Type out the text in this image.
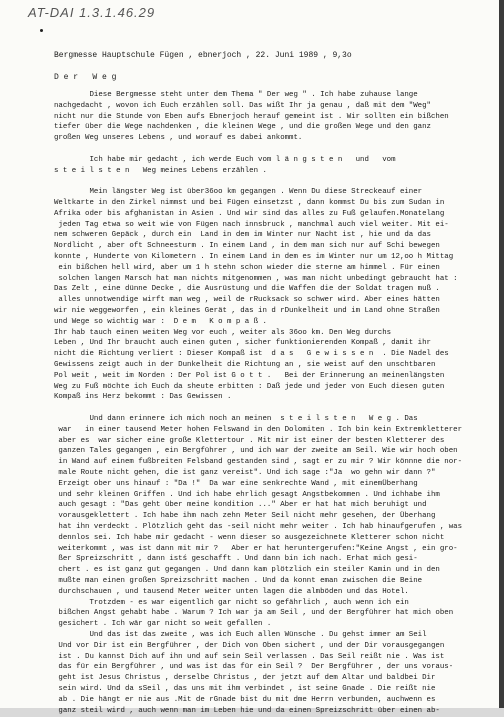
AT-DAI 1.3.1.46.29
Bergmesse Hauptschule Fügen , ebnerjoch , 22. Juni 1989 , 9,3o
D e r   W e g
Diese Bergmesse steht unter dem Thema " Der weg " . Ich habe zuhause lange
nachgedacht , wovon ich Euch erzählen soll. Das wißt Ihr ja genau , daß mit dem "Weg"
nicht nur die Stunde von Eben aufs Ebnerjoch herauf gemeint ist . Wir sollten ein bißchen
tiefer über die Wege nachdenken , die kleinen Wege , und die großen Wege und den ganz
großen Weg unseres Lebens , und worauf es dabei ankommt.
Ich habe mir gedacht , ich werde Euch vom l ä n g s t e n   und   vom
s t e i l s t e n   Weg meines Lebens erzählen .
Mein längster Weg ist über36oo km gegangen . Wenn Du diese Streckeauf einer
Weltkarte in den Zirkel nimmst und bei Fügen einsetzst , dann kommst Du bis zum Sudan in
Afrika oder bis afghanistan in Asien . Und wir sind das alles zu Fuß gelaufen.Monatelang
jeden Tag etwa so weit wie von Fügen nach innsbruck , manchmal auch viel weiter. Mit ei-
nem schweren Gepäck , durch ein  Land in dem im Winter nur Nacht ist , hie und da das
Nordlicht , aber oft Schneesturm . In einem Land , in dem man sich nur auf Schi bewegen
konnte , Hunderte von Kilometern . In einem Land in dem es im Winter nur um 12,oo h Mittag
ein bißchen hell wird, aber um 1 h stehn schon wieder die sterne am himmel . Für einen
solchen langen Marsch hat man nichts mitgenommen , was man nicht unbedingt gebraucht hat :
Das Zelt , eine dünne Decke , die Ausrüstung und die Waffen die der Soldat tragen muß .
alles unnotwendige wirft man weg , weil de rRucksack so schwer wird. Aber eines hätten
wir nie weggeworfen , ein kleines Gerät , das in d rDunkelheit und im Land ohne Straßen
und Wege so wichtig war :  D e m   K o m p a ß .
Ihr hab tauch einen weiten Weg vor euch , weiter als 36oo km. Den Weg durchs
Leben , Und Ihr braucht auch einen guten , sicher funktionierenden Kompaß , damit ihr
nicht die Richtung verliert : Dieser Kompaß ist  d a s   G e w i s s e n  . Die Nadel des
Gewissens zeigt auch in der Dunkelheit die Richtung an , sie weist auf den unschtbaren
Pol weit , weit im Norden : Der Pol ist G o t t .   Bei der Erinnerung an meinenlängsten
Weg zu Fuß möchte ich Euch da sheute erbitten : Daß jede und jeder von Euch diesen guten
Kompaß ins Herz bekommt : Das Gewissen .
Und dann erinnere ich mich noch an meinen  s t e i l s t e n   W e g . Das
war   in einer tausend Meter hohen Felswand in den Dolomiten . Ich bin kein Extremkletterer
aber es  war sicher eine große Klettertour . Mit mir ist einer der besten Kletterer des
ganzen Tales gegangen , ein Bergführer , und ich war der zweite am Seil. Wie wir hoch oben
in Wand auf einem fußbreiten Felsband gestanden sind , sagt er zu mir ? Wir könnne die nor-
male Route nicht gehen, die ist ganz vereist". Und ich sage :"Ja  wo gehn wir dann ?"
Erzeigt ober uns hinauf : "Da !"  Da war eine senkrechte Wand , mit einemÜberhang
und sehr kleinen Griffen . Und ich habe ehrlich gesagt Angstbekommen . Und ichhabe ihm
auch gesagt : "Das geht über meine kondition ..." Aber er hat hat mich beruhigt und
vorausgeklettert . Ich habe ihm nach zehn Meter Seil nicht mehr gesehen, der Überhang
hat ihn verdeckt . Plötzlich geht das -seil nicht mehr weiter . Ich hab hinaufgerufen , was
dennlos sei. Ich habe mir gedacht - wenn dieser so ausgezeichnete Kletterer schon nicht
weiterkommt , was ist dann mit mir ?   Aber er hat heruntergerufen:"Keine Angst , ein gro-
ßer Spreizschritt , dann istś geschafft . Und dann bin ich nach. Erhat mich gesi-
chert . es ist ganz gut gegangen . Und dann kam plötzlich ein steiler Kamin und in den
mußte man einen großen Spreizschritt machen . Und da konnt eman zwischen die Beine
durchschauen , und tausend Meter weiter unten lagen die almböden und das Hotel.
Trotzdem - es war eigentlich gar nicht so gefährlich , auch wenn ich ein
bißchen Angst gehabt habe . Warum ? Ich war ja am Seil , und der Bergführer hat mich oben
gesichert . Ich wär gar nicht so weit gefallen .
Und das ist das zweite , was ich Euch allen Wünsche . Du gehst immer am Seil
Und vor Dir ist ein Bergführer , der Dich von Oben sichert , und der Dir vorausgegangen
ist . Du kannst Dich auf ihn und auf sein Seil verlassen . Das Seil reißt nie . Was ist
das für ein Bergführer , und was ist das für ein Seil ?  Der Bergführer , der uns voraus-
geht ist Jesus Christus , derselbe Christus , der jetzt auf dem Altar und baldbei Dir
sein wird. Und da sSeil , das uns mit ihm verbindet , ist seine Gnade . Die reißt nie
ab . Die hängt er nie aus .Mit de rGnade bist du mit dme Herrn verbunden, auchwenn es
ganz steil wird , auch wenn man im Leben hie und da einen Spreizschritt über einen ab-
